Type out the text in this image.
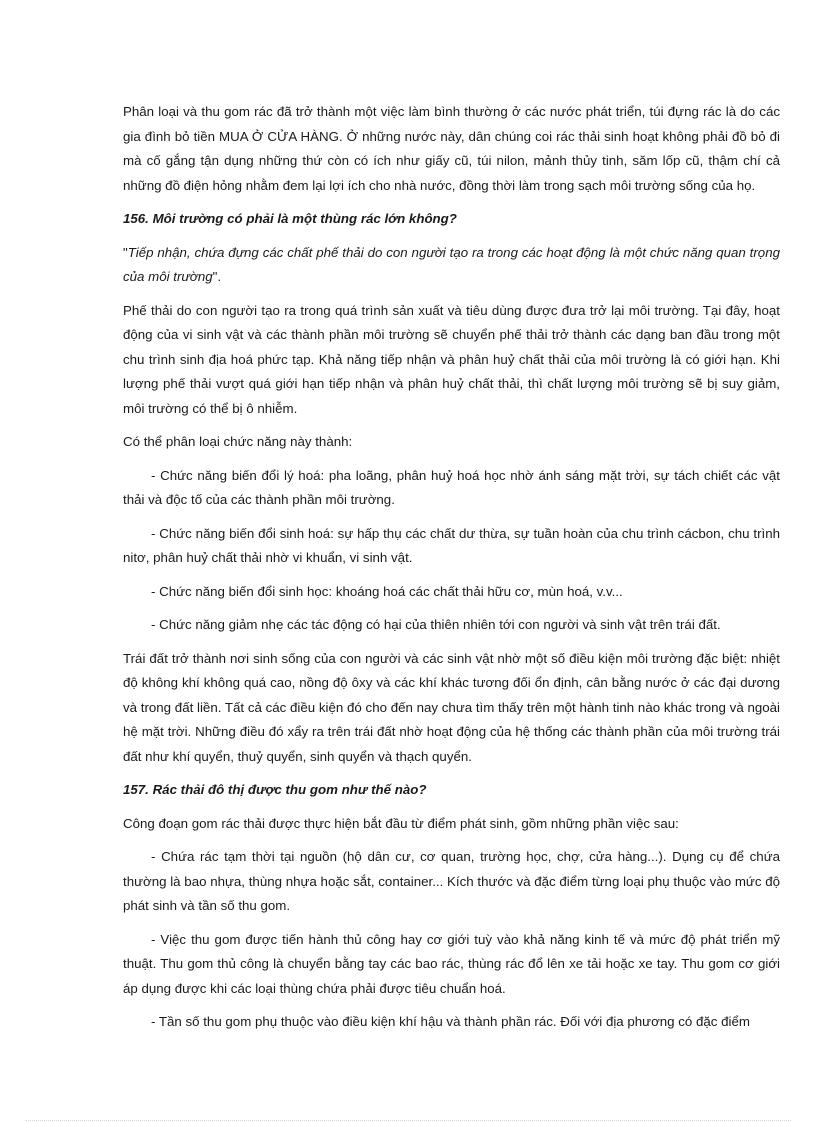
Phân loại và thu gom rác đã trở thành một việc làm bình thường ở các nước phát triển, túi đựng rác là do các gia đình bỏ tiền MUA Ở CỬA HÀNG. Ở những nước này, dân chúng coi rác thải sinh hoạt không phải đồ bỏ đi mà cố gắng tận dụng những thứ còn có ích như giấy cũ, túi nilon, mảnh thủy tinh, săm lốp cũ, thậm chí cả những đồ điện hỏng nhằm đem lại lợi ích cho nhà nước, đồng thời làm trong sạch môi trường sống của họ.

156. Môi trường có phải là một thùng rác lớn không?

"Tiếp nhận, chứa đựng các chất phế thải do con người tạo ra trong các hoạt động là một chức năng quan trọng của môi trường".

Phế thải do con người tạo ra trong quá trình sản xuất và tiêu dùng được đưa trở lại môi trường. Tại đây, hoạt động của vi sinh vật và các thành phần môi trường sẽ chuyển phế thải trở thành các dạng ban đầu trong một chu trình sinh địa hoá phức tạp. Khả năng tiếp nhận và phân huỷ chất thải của môi trường là có giới hạn. Khi lượng phế thải vượt quá giới hạn tiếp nhận và phân huỷ chất thải, thì chất lượng môi trường sẽ bị suy giảm, môi trường có thể bị ô nhiễm.

Có thể phân loại chức năng này thành:

- Chức năng biến đổi lý hoá: pha loãng, phân huỷ hoá học nhờ ánh sáng mặt trời, sự tách chiết các vật thải và độc tố của các thành phần môi trường.

- Chức năng biến đổi sinh hoá: sự hấp thụ các chất dư thừa, sự tuần hoàn của chu trình cácbon, chu trình nitơ, phân huỷ chất thải nhờ vi khuẩn, vi sinh vật.

- Chức năng biến đổi sinh học: khoáng hoá các chất thải hữu cơ, mùn hoá, v.v...

- Chức năng giảm nhẹ các tác động có hại của thiên nhiên tới con người và sinh vật trên trái đất.

Trái đất trở thành nơi sinh sống của con người và các sinh vật nhờ một số điều kiện môi trường đặc biệt: nhiệt độ không khí không quá cao, nồng độ ôxy và các khí khác tương đối ổn định, cân bằng nước ở các đại dương và trong đất liền. Tất cả các điều kiện đó cho đến nay chưa tìm thấy trên một hành tinh nào khác trong và ngoài hệ mặt trời. Những điều đó xẩy ra trên trái đất nhờ hoạt động của hệ thống các thành phần của môi trường trái đất như khí quyển, thuỷ quyển, sinh quyển và thạch quyển.

157. Rác thải đô thị được thu gom như thế nào?

Công đoạn gom rác thải được thực hiện bắt đầu từ điểm phát sinh, gồm những phần việc sau:

- Chứa rác tạm thời tại nguồn (hộ dân cư, cơ quan, trường học, chợ, cửa hàng...). Dụng cụ để chứa thường là bao nhựa, thùng nhựa hoặc sắt, container... Kích thước và đặc điểm từng loại phụ thuộc vào mức độ phát sinh và tần số thu gom.

- Việc thu gom được tiến hành thủ công hay cơ giới tuỳ vào khả năng kinh tế và mức độ phát triển mỹ thuật. Thu gom thủ công là chuyển bằng tay các bao rác, thùng rác đổ lên xe tải hoặc xe tay. Thu gom cơ giới áp dụng được khi các loại thùng chứa phải được tiêu chuẩn hoá.

- Tần số thu gom phụ thuộc vào điều kiện khí hậu và thành phần rác. Đối với địa phương có đặc điểm
